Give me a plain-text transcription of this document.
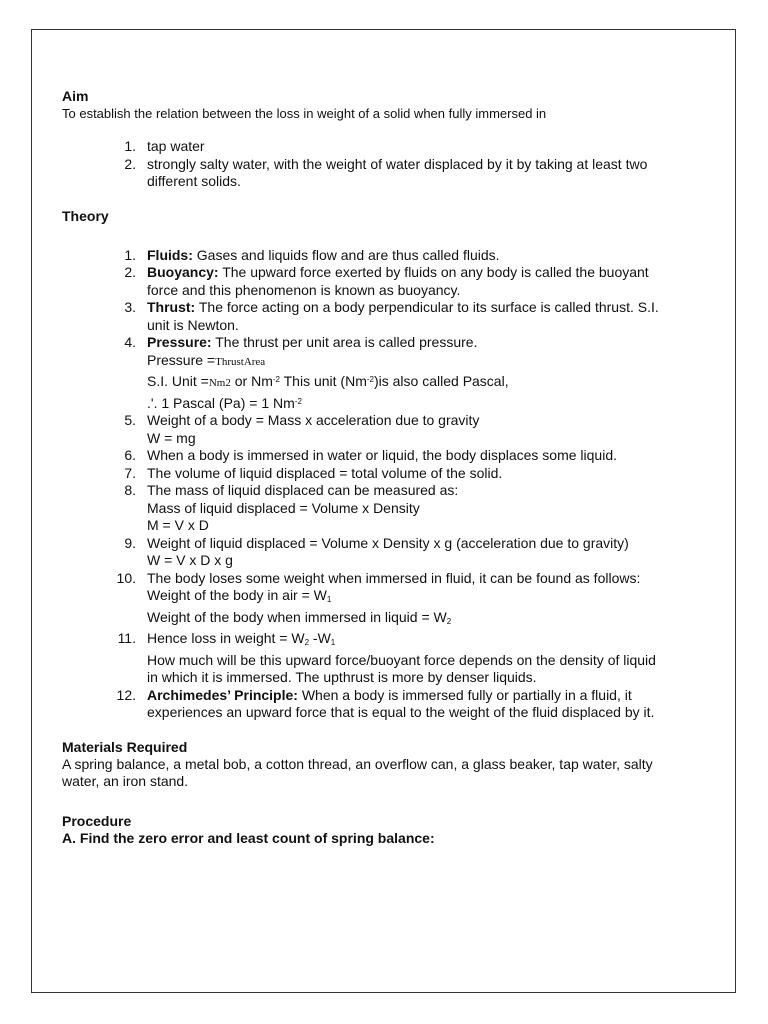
Aim
To establish the relation between the loss in weight of a solid when fully immersed in
1. tap water
2. strongly salty water, with the weight of water displaced by it by taking at least two different solids.
Theory
1. Fluids: Gases and liquids flow and are thus called fluids.
2. Buoyancy: The upward force exerted by fluids on any body is called the buoyant force and this phenomenon is known as buoyancy.
3. Thrust: The force acting on a body perpendicular to its surface is called thrust. S.I. unit is Newton.
4. Pressure: The thrust per unit area is called pressure.
Pressure =ThrustArea
S.I. Unit =Nm2 or $Nm^{-2}$ This unit $(Nm^{-2})is$ also called Pascal,
.'. 1 Pascal (Pa) = 1 $Nm^{-2}$
5. Weight of a body = Mass x acceleration due to gravity
W = mg
6. When a body is immersed in water or liquid, the body displaces some liquid.
7. The volume of liquid displaced = total volume of the solid.
8. The mass of liquid displaced can be measured as:
Mass of liquid displaced = Volume x Density
M = V x D
9. Weight of liquid displaced = Volume x Density x g (acceleration due to gravity)
W = V x D x g
10. The body loses some weight when immersed in fluid, it can be found as follows:
Weight of the body in air = $W_1$
Weight of the body when immersed in liquid = $W_2$
11. Hence loss in weight = $W_2$ $-W_1$
How much will be this upward force/buoyant force depends on the density of liquid in which it is immersed. The upthrust is more by denser liquids.
12. Archimedes’ Principle: When a body is immersed fully or partially in a fluid, it experiences an upward force that is equal to the weight of the fluid displaced by it.
Materials Required
A spring balance, a metal bob, a cotton thread, an overflow can, a glass beaker, tap water, salty water, an iron stand.
Procedure
A. Find the zero error and least count of spring balance:
